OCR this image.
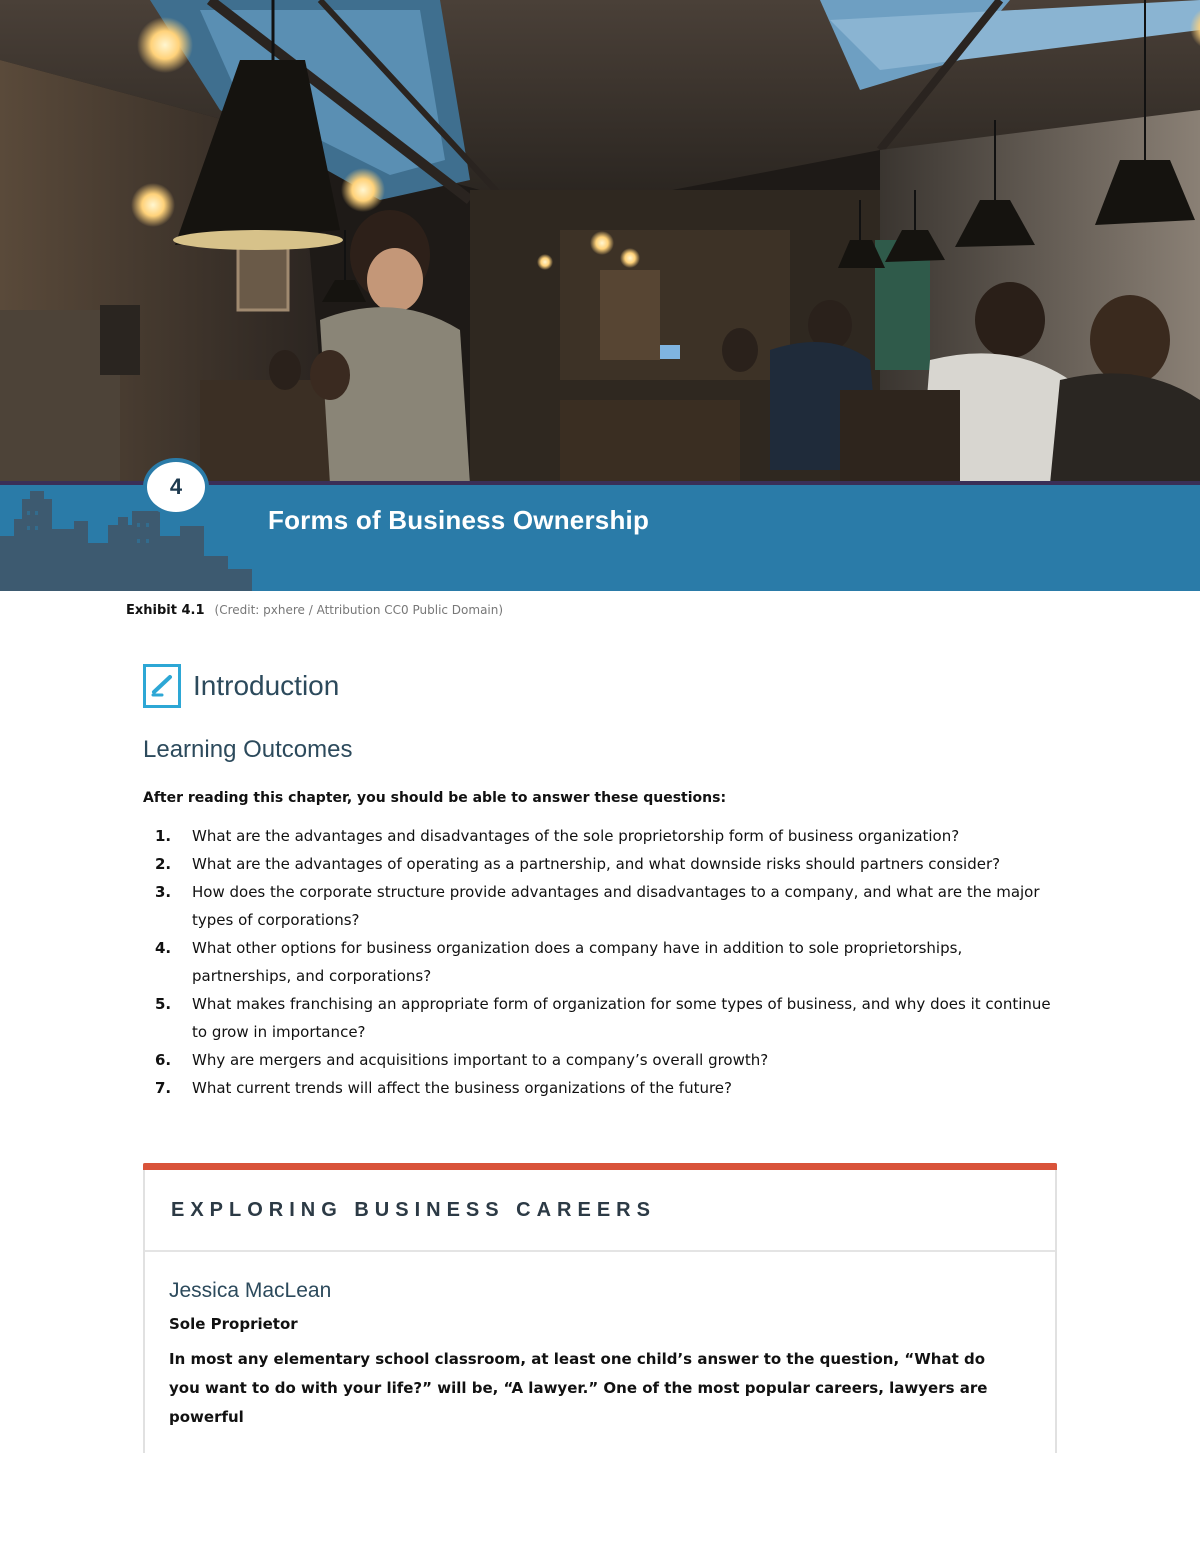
Forms of Business Ownership
4
Exhibit 4.1 (Credit: pxhere / Attribution CC0 Public Domain)
Introduction
Learning Outcomes
After reading this chapter, you should be able to answer these questions:
1.	What are the advantages and disadvantages of the sole proprietorship form of business organization?
2.	What are the advantages of operating as a partnership, and what downside risks should partners consider?
3.	How does the corporate structure provide advantages and disadvantages to a company, and what are the major types of corporations?
4.	What other options for business organization does a company have in addition to sole proprietorships, partnerships, and corporations?
5.	What makes franchising an appropriate form of organization for some types of business, and why does it continue to grow in importance?
6.	Why are mergers and acquisitions important to a company’s overall growth?
7.	What current trends will affect the business organizations of the future?
EXPLORING BUSINESS CAREERS
Jessica MacLean
Sole Proprietor
In most any elementary school classroom, at least one child’s answer to the question, “What do you want to do with your life?” will be, “A lawyer.” One of the most popular careers, lawyers are powerful
